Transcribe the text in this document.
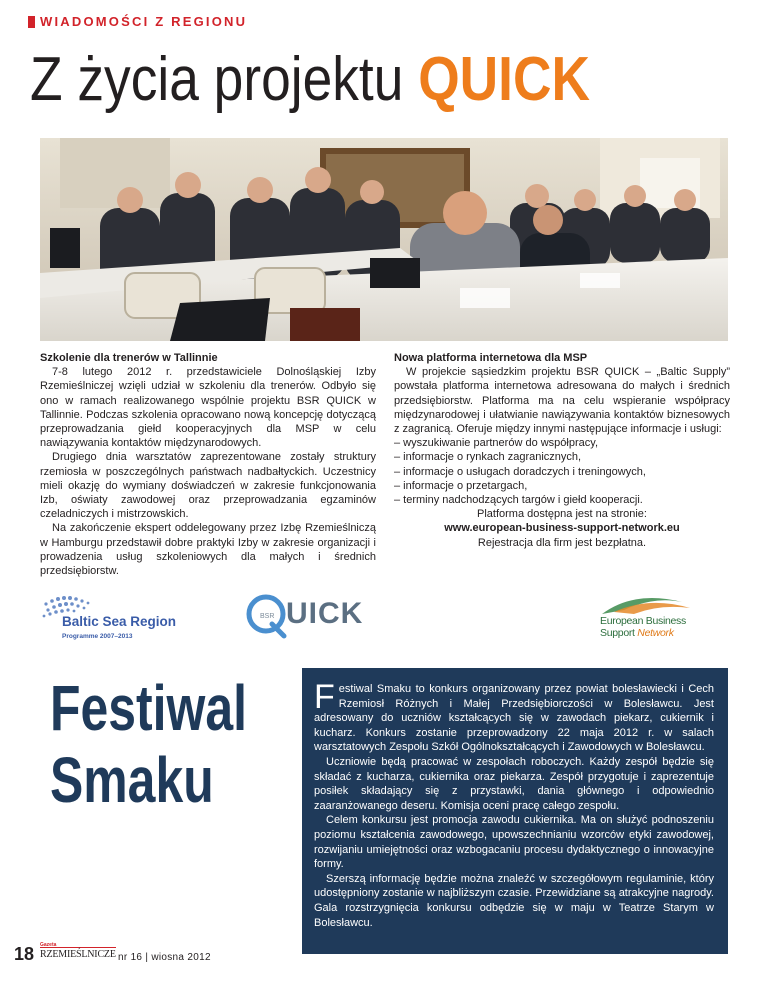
WIADOMOŚCI Z REGIONU
Z życia projektu QUICK
Szkolenie dla trenerów w Tallinnie

7-8 lutego 2012 r. przedstawiciele Dolnośląskiej Izby Rzemieślniczej wzięli udział w szkoleniu dla trenerów. Odbyło się ono w ramach realizowanego wspólnie projektu BSR QUICK w Tallinnie. Podczas szkolenia opracowano nową koncepcję dotyczącą przeprowadzania giełd kooperacyjnych dla MSP w celu nawiązywania kontaktów międzynarodowych.

Drugiego dnia warsztatów zaprezentowane zostały struktury rzemiosła w poszczególnych państwach nadbałtyckich. Uczestnicy mieli okazję do wymiany doświadczeń w zakresie funkcjonowania Izb, oświaty zawodowej oraz przeprowadzania egzaminów czeladniczych i mistrzowskich.

Na zakończenie ekspert oddelegowany przez Izbę Rzemieślniczą w Hamburgu przedstawił dobre praktyki Izby w zakresie organizacji i prowadzenia usług szkoleniowych dla małych i średnich przedsiębiorstw.

Nowa platforma internetowa dla MSP

W projekcie sąsiedzkim projektu BSR QUICK – „Baltic Supply” powstała platforma internetowa adresowana do małych i średnich przedsiębiorstw. Platforma ma na celu wspieranie współpracy międzynarodowej i ułatwianie nawiązywania kontaktów biznesowych z zagranicą. Oferuje między innymi następujące informacje i usługi:

– wyszukiwanie partnerów do współpracy,
– informacje o rynkach zagranicznych,
– informacje o usługach doradczych i treningowych,
– informacje o przetargach,
– terminy nadchodzących targów i giełd kooperacji.

Platforma dostępna jest na stronie:

www.european-business-support-network.eu

Rejestracja dla firm jest bezpłatna.

Baltic Sea Region
Programme 2007–2013
BSR UICK	European Business
Support Network
Festiwal
Smaku

Festiwal Smaku to konkurs organizowany przez powiat bolesławiecki i Cech Rzemiosł Różnych i Małej Przedsiębiorczości w Bolesławcu. Jest adresowany do uczniów kształcących się w zawodach piekarz, cukiernik i kucharz. Konkurs zostanie przeprowadzony 22 maja 2012 r. w salach warsztatowych Zespołu Szkół Ogólnokształcących i Zawodowych w Bolesławcu.

Uczniowie będą pracować w zespołach roboczych. Każdy zespół będzie się składać z kucharza, cukiernika oraz piekarza. Zespół przygotuje i zaprezentuje posiłek składający się z przystawki, dania głównego i odpowiednio zaaranżowanego deseru. Komisja oceni pracę całego zespołu.

Celem konkursu jest promocja zawodu cukiernika. Ma on służyć podnoszeniu poziomu kształcenia zawodowego, upowszechnianiu wzorców etyki zawodowej, rozwijaniu umiejętności oraz wzbogacaniu procesu dydaktycznego o innowacyjne formy.

Szerszą informację będzie można znaleźć w szczegółowym regulaminie, który udostępniony zostanie w najbliższym czasie. Przewidziane są atrakcyjne nagrody. Gala rozstrzygnięcia konkursu odbędzie się w maju w Teatrze Starym w Bolesławcu.

18 Gazeta
RZEMIEŚLNICZE nr 16 | wiosna 2012
